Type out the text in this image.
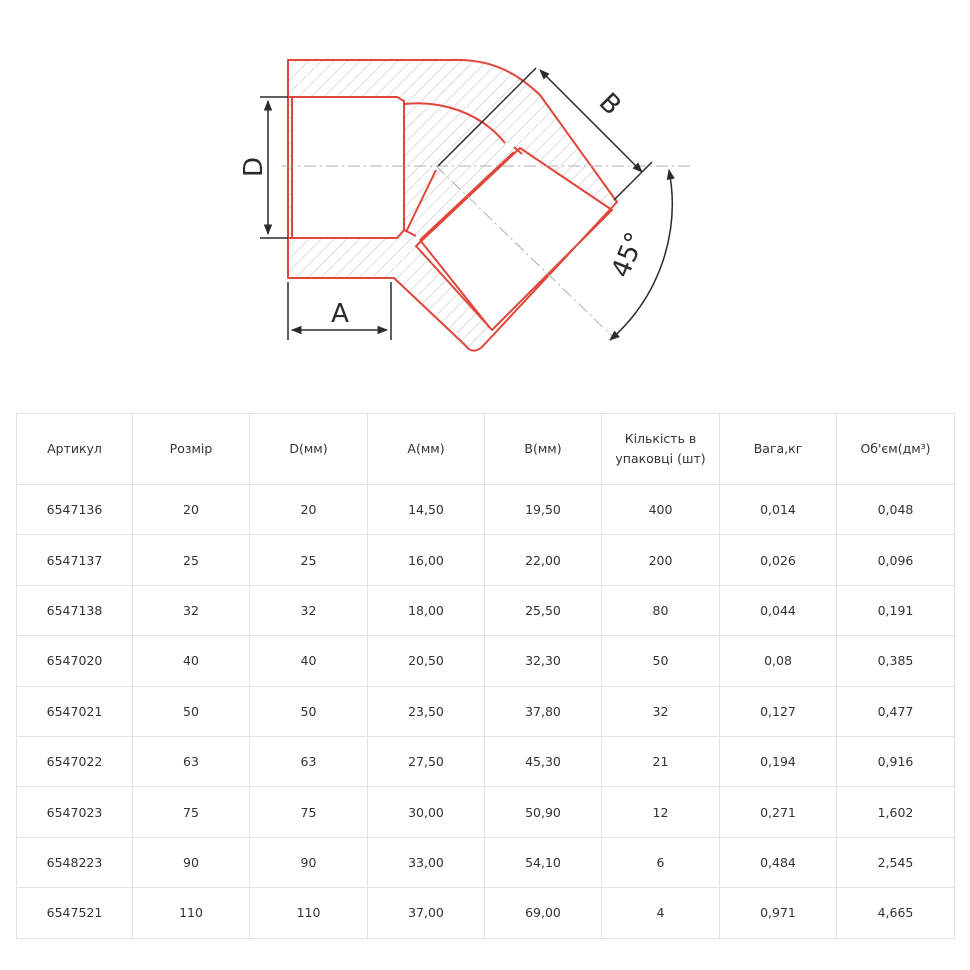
D
A
B
45°
Артикул	Розмір	D(мм)	A(мм)	B(мм)	Кількість в упаковці (шт)	Вага,кг	Об'єм(дм³)
6547136	20	20	14,50	19,50	400	0,014	0,048
6547137	25	25	16,00	22,00	200	0,026	0,096
6547138	32	32	18,00	25,50	80	0,044	0,191
6547020	40	40	20,50	32,30	50	0,08	0,385
6547021	50	50	23,50	37,80	32	0,127	0,477
6547022	63	63	27,50	45,30	21	0,194	0,916
6547023	75	75	30,00	50,90	12	0,271	1,602
6548223	90	90	33,00	54,10	6	0,484	2,545
6547521	110	110	37,00	69,00	4	0,971	4,665
